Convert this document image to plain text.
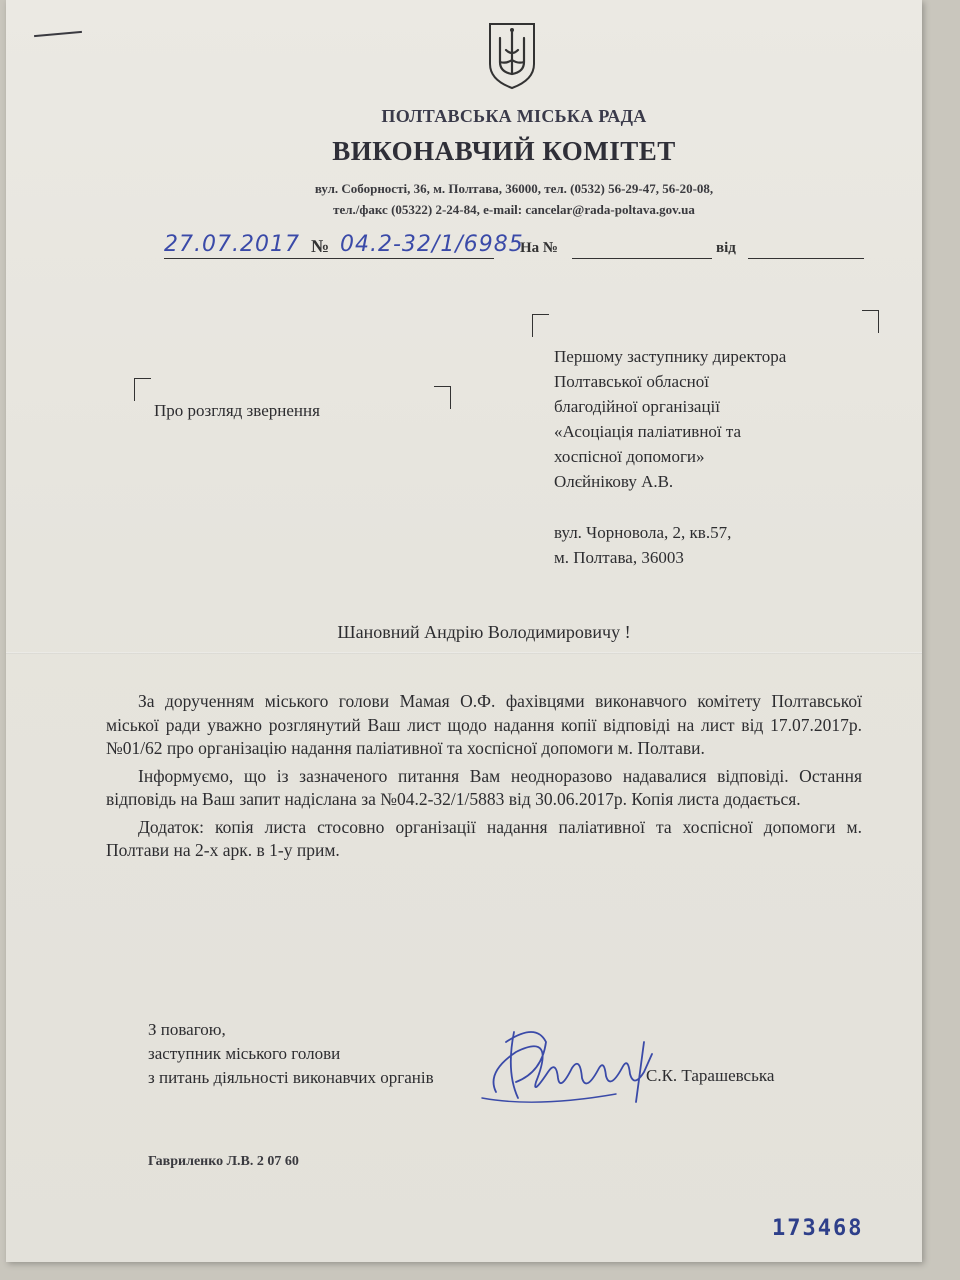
ПОЛТАВСЬКА МІСЬКА РАДА
ВИКОНАВЧИЙ КОМІТЕТ
вул. Соборності, 36, м. Полтава, 36000, тел. (0532) 56-29-47, 56-20-08,
тел./факс (05322) 2-24-84, e-mail: cancelar@rada-poltava.gov.ua
27.07.2017 № 04.2-32/1/6985
На №	від
Про розгляд звернення
Першому заступнику директора
Полтавської обласної
благодійної організації
«Асоціація паліативної та
хоспісної допомоги»
Олєйнікову А.В.
вул. Чорновола, 2, кв.57,
м. Полтава, 36003
Шановний Андрію Володимировичу !

За дорученням міського голови Мамая О.Ф. фахівцями виконавчого комітету Полтавської міської ради уважно розглянутий Ваш лист щодо надання копії відповіді на лист від 17.07.2017р. №01/62 про організацію надання паліативної та хоспісної допомоги м. Полтави.

Інформуємо, що із зазначеного питання Вам неодноразово надавалися відповіді. Остання відповідь на Ваш запит надіслана за №04.2-32/1/5883 від 30.06.2017р. Копія листа додається.

Додаток: копія листа стосовно організації надання паліативної та хоспісної допомоги м. Полтави на 2-х арк. в 1-у прим.

З повагою,
заступник міського голови
з питань діяльності виконавчих органів	С.К. Тарашевська
Гавриленко Л.В. 2 07 60
173468
